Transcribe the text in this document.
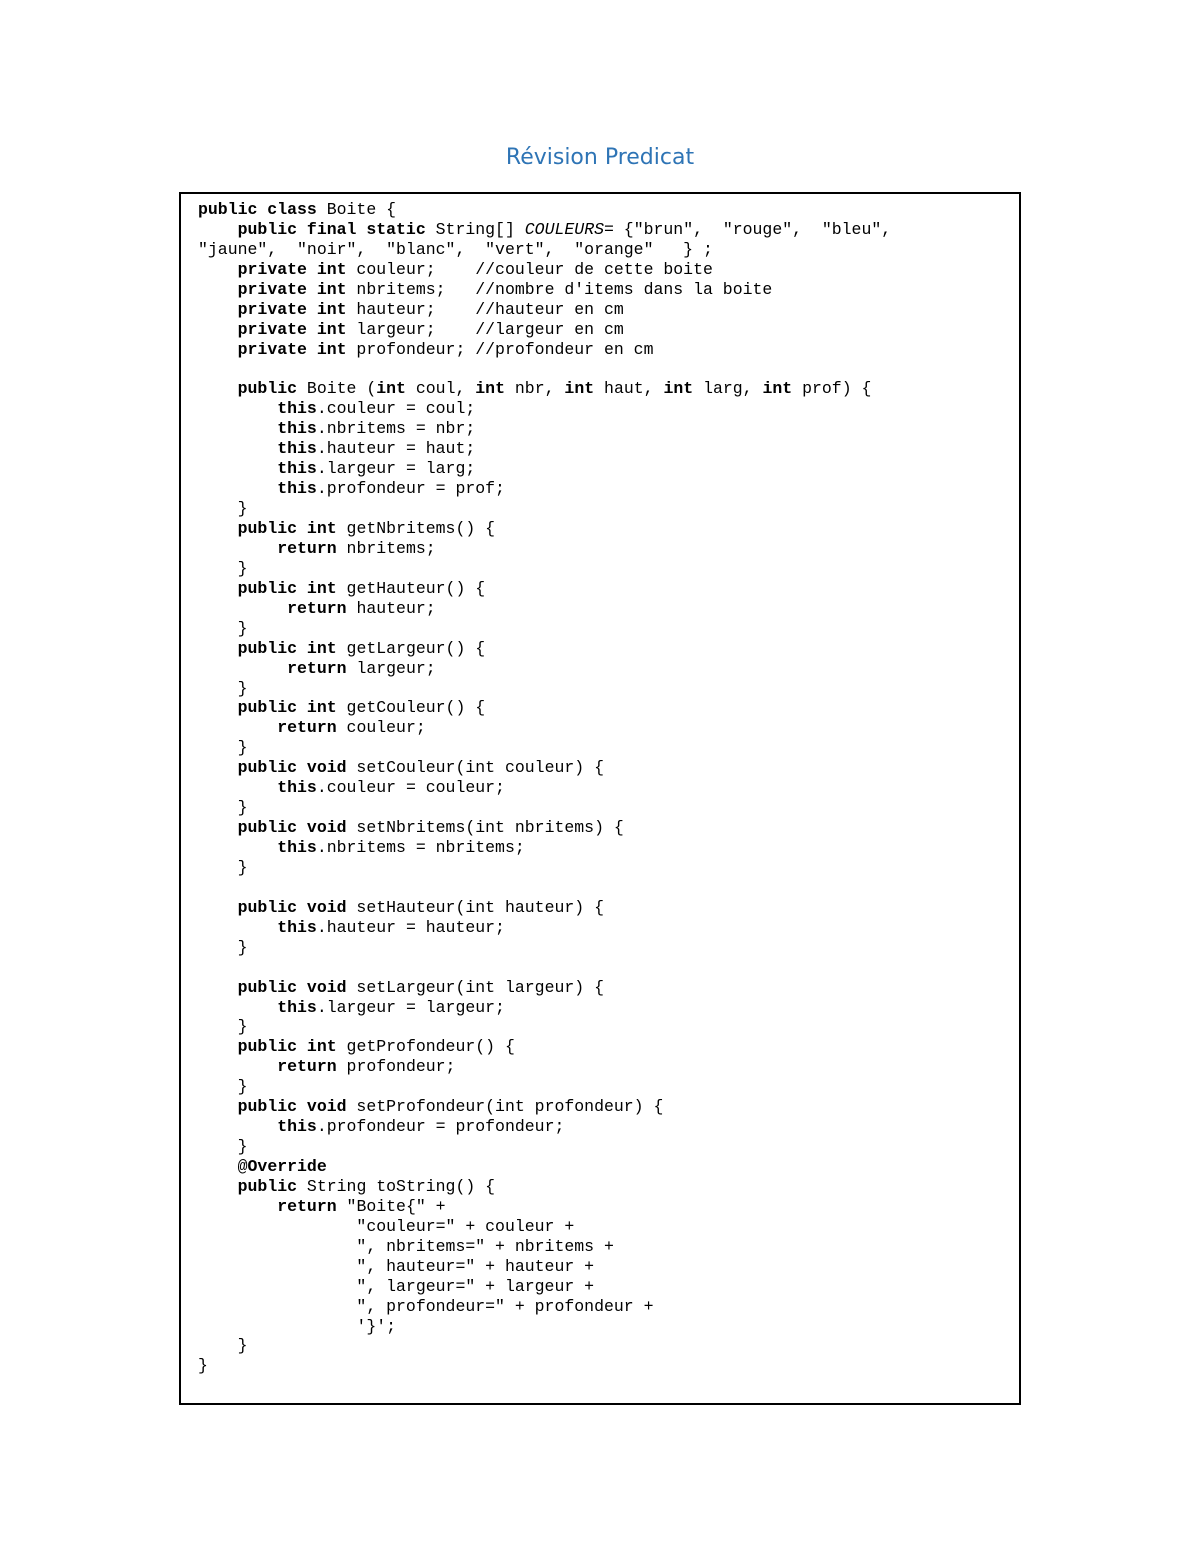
Révision Predicat
public class Boite {
public final static String[] COULEURS= {"brun",  "rouge",  "bleu",
"jaune",  "noir",  "blanc",  "vert",  "orange"   } ;
private int couleur;    //couleur de cette boite
private int nbritems;   //nombre d'items dans la boite
private int hauteur;    //hauteur en cm
private int largeur;    //largeur en cm
private int profondeur; //profondeur en cm
public Boite (int coul, int nbr, int haut, int larg, int prof) {
this.couleur = coul;
this.nbritems = nbr;
this.hauteur = haut;
this.largeur = larg;
this.profondeur = prof;
}
public int getNbritems() {
return nbritems;
}
public int getHauteur() {
return hauteur;
}
public int getLargeur() {
return largeur;
}
public int getCouleur() {
return couleur;
}
public void setCouleur(int couleur) {
this.couleur = couleur;
}
public void setNbritems(int nbritems) {
this.nbritems = nbritems;
}
public void setHauteur(int hauteur) {
this.hauteur = hauteur;
}
public void setLargeur(int largeur) {
this.largeur = largeur;
}
public int getProfondeur() {
return profondeur;
}
public void setProfondeur(int profondeur) {
this.profondeur = profondeur;
}
@Override
public String toString() {
return "Boite{" +
"couleur=" + couleur +
", nbritems=" + nbritems +
", hauteur=" + hauteur +
", largeur=" + largeur +
", profondeur=" + profondeur +
'}';
}
}
